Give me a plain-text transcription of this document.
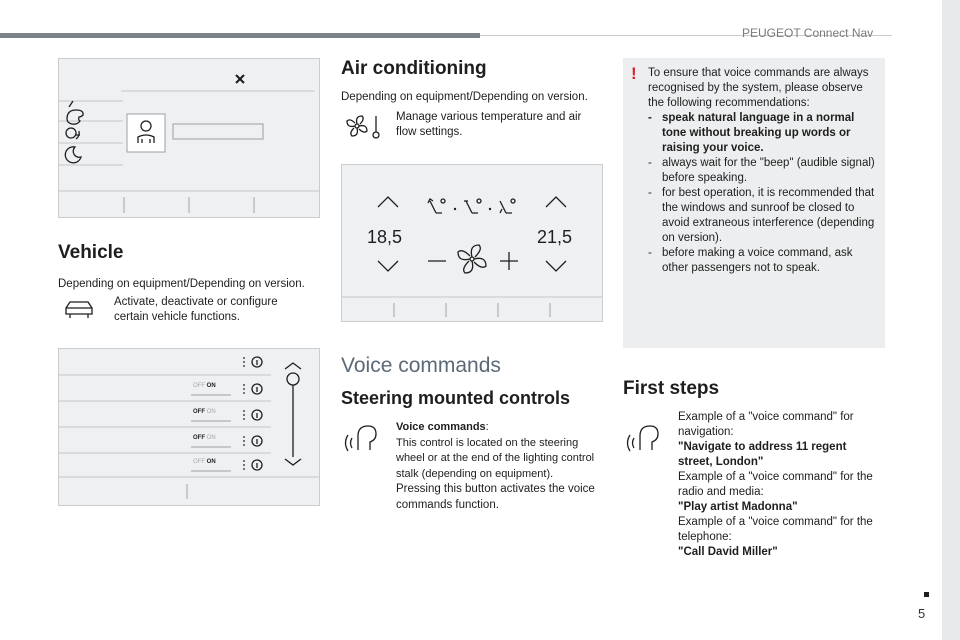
PEUGEOT Connect Nav
Vehicle
Depending on equipment/Depending on version.
Activate, deactivate or configure certain vehicle functions.
OFF ON
OFF ON
OFF ON
OFF ON
Air conditioning
Depending on equipment/Depending on version.
Manage various temperature and air flow settings.
18,5	21,5
Voice commands
Steering mounted controls
Voice commands:
This control is located on the steering wheel or at the end of the lighting control stalk (depending on equipment).
Pressing this button activates the voice commands function.
! To ensure that voice commands are always recognised by the system, please observe the following recommendations:
- speak natural language in a normal tone without breaking up words or raising your voice.
- always wait for the "beep" (audible signal) before speaking.
- for best operation, it is recommended that the windows and sunroof be closed to avoid extraneous interference (depending on version).
- before making a voice command, ask other passengers not to speak.
First steps
Example of a "voice command" for navigation:
"Navigate to address 11 regent street, London"
Example of a "voice command" for the radio and media:
"Play artist Madonna"
Example of a "voice command" for the telephone:
"Call David Miller"
5
